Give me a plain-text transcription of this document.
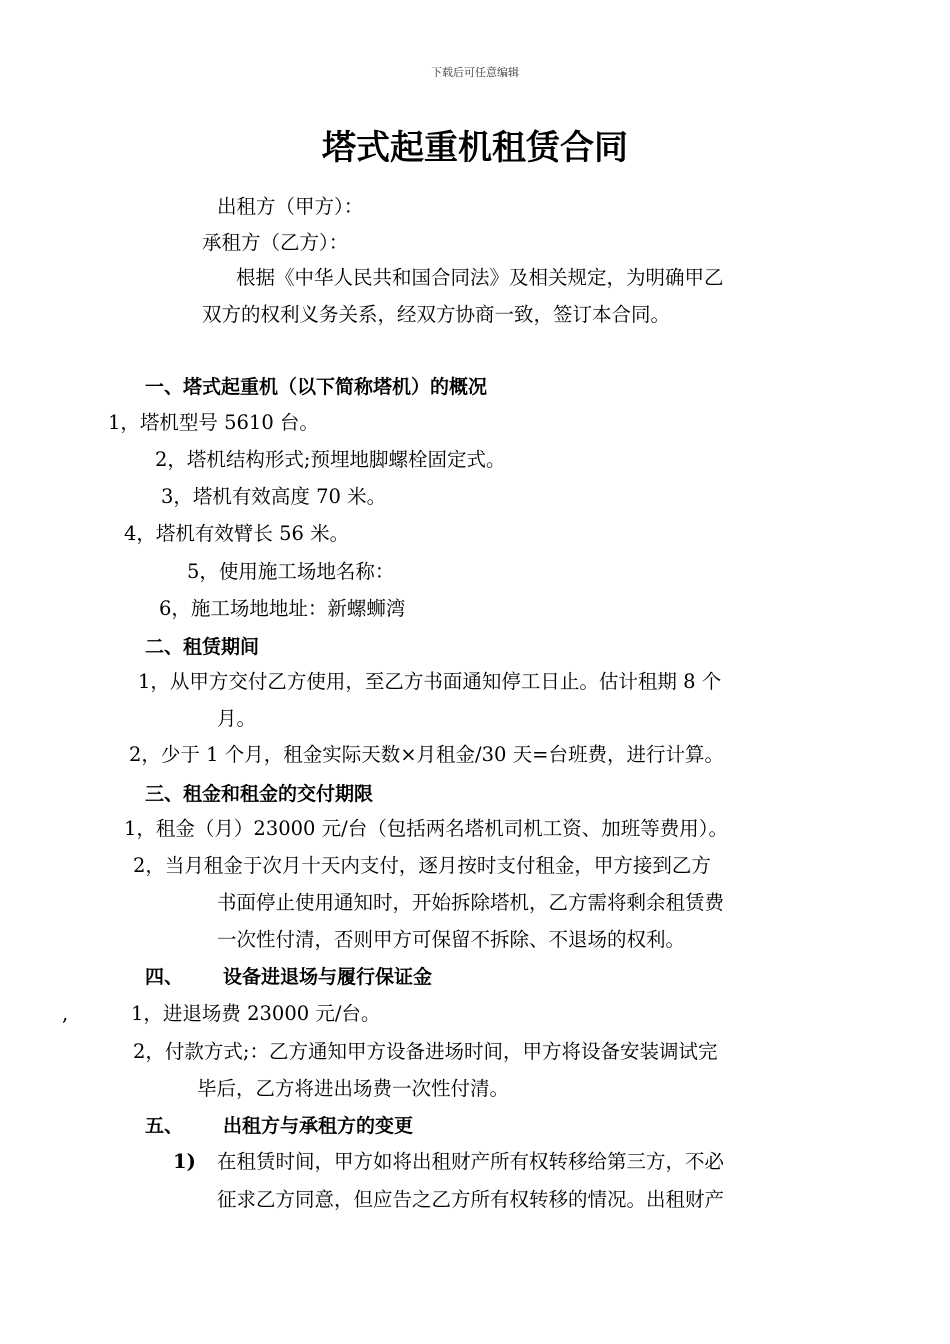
下载后可任意编辑
塔式起重机租赁合同
出租方（甲方）：
承租方（乙方）：
根据《中华人民共和国合同法》及相关规定，为明确甲乙
双方的权利义务关系，经双方协商一致，签订本合同。
一、塔式起重机（以下简称塔机）的概况
1，塔机型号 5610 台。
2，塔机结构形式;预埋地脚螺栓固定式。
3，塔机有效高度 70 米。
4，塔机有效臂长 56 米。
5，使用施工场地名称：
6，施工场地地址：新螺蛳湾
二、租赁期间
1，从甲方交付乙方使用，至乙方书面通知停工日止。估计租期 8 个
月。
2，少于 1 个月，租金实际天数×月租金/30 天=台班费，进行计算。
三、租金和租金的交付期限
1，租金（月）23000 元/台（包括两名塔机司机工资、加班等费用）。
2，当月租金于次月十天内支付，逐月按时支付租金，甲方接到乙方
书面停止使用通知时，开始拆除塔机，乙方需将剩余租赁费
一次性付清，否则甲方可保留不拆除、不退场的权利。
四、 设备进退场与履行保证金
,	1，进退场费 23000 元/台。
2，付款方式;：乙方通知甲方设备进场时间，甲方将设备安装调试完
毕后，乙方将进出场费一次性付清。
五、 出租方与承租方的变更
1) 在租赁时间，甲方如将出租财产所有权转移给第三方，不必
征求乙方同意，但应告之乙方所有权转移的情况。出租财产
